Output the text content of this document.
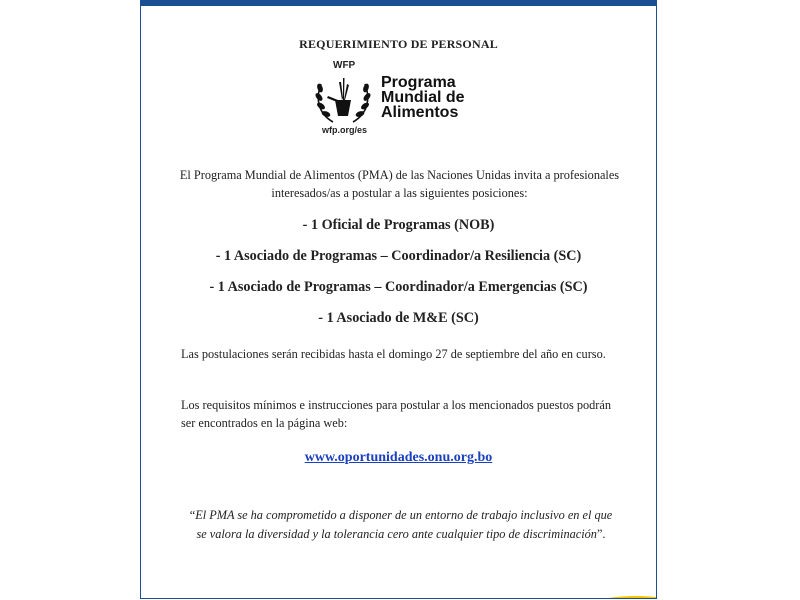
REQUERIMIENTO DE PERSONAL
WFP
Programa
Mundial de
Alimentos
wfp.org/es
El Programa Mundial de Alimentos (PMA) de las Naciones Unidas invita a profesionales interesados/as a postular a las siguientes posiciones:
- 1 Oficial de Programas (NOB)
- 1 Asociado de Programas – Coordinador/a Resiliencia (SC)
- 1 Asociado de Programas – Coordinador/a Emergencias (SC)
- 1 Asociado de M&E (SC)
Las postulaciones serán recibidas hasta el domingo 27 de septiembre del año en curso.
Los requisitos mínimos e instrucciones para postular a los mencionados puestos podrán ser encontrados en la página web:
www.oportunidades.onu.org.bo
“El PMA se ha comprometido a disponer de un entorno de trabajo inclusivo en el que se valora la diversidad y la tolerancia cero ante cualquier tipo de discriminación”.
